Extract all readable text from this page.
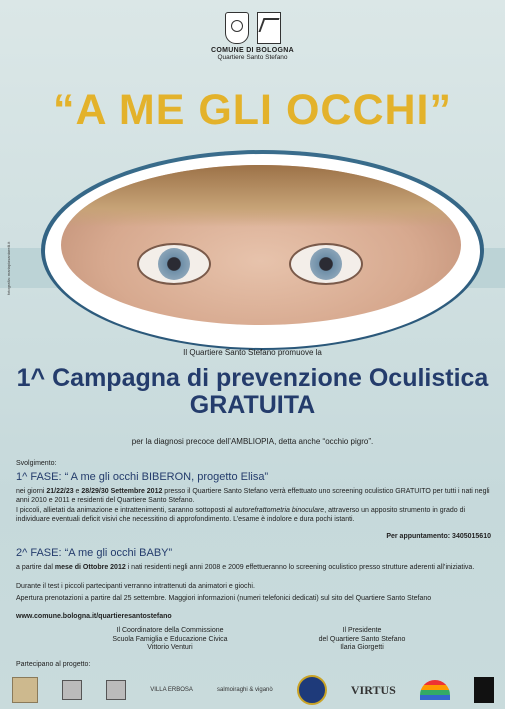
COMUNE DI BOLOGNA
Quartiere Santo Stefano
“A ME GLI OCCHI”
fotografia: mariapiasantarelli.it
Il Quartiere Santo Stefano promuove la
1^ Campagna di prevenzione Oculistica
GRATUITA
per la diagnosi precoce dell’AMBLIOPIA, detta anche “occhio pigro”.
Svolgimento:
1^ FASE: “ A me gli occhi BIBERON, progetto Elisa”
nei giorni 21/22/23 e 28/29/30 Settembre 2012 presso il Quartiere Santo Stefano verrà effettuato uno screening oculistico GRATUITO per tutti i nati negli anni 2010 e 2011 e residenti del Quartiere Santo Stefano.
I piccoli, allietati da animazione e intrattenimenti, saranno sottoposti al autorefrattometria binoculare, attraverso un apposito strumento in grado di individuare eventuali deficit visivi che necessitino di approfondimento. L’esame è indolore e dura pochi istanti.
Per appuntamento: 3405015610
2^ FASE: “A me gli occhi BABY”
a partire dal mese di Ottobre 2012 i nati residenti negli anni 2008 e 2009 effettueranno lo screening oculistico presso strutture aderenti all’iniziativa.
Durante il test i piccoli partecipanti verranno intrattenuti da animatori e giochi.
Apertura prenotazioni a partire dal 25 settembre. Maggiori informazioni (numeri telefonici dedicati) sul sito del Quartiere Santo Stefano
www.comune.bologna.it/quartieresantostefano
Il Coordinatore della Commissione
Scuola Famiglia e Educazione Civica
Vittorio Venturi
Il Presidente
del Quartiere Santo Stefano
Ilaria Giorgetti
Partecipano al progetto:
VILLA ERBOSA	salmoiraghi & viganò	VIRTUS
